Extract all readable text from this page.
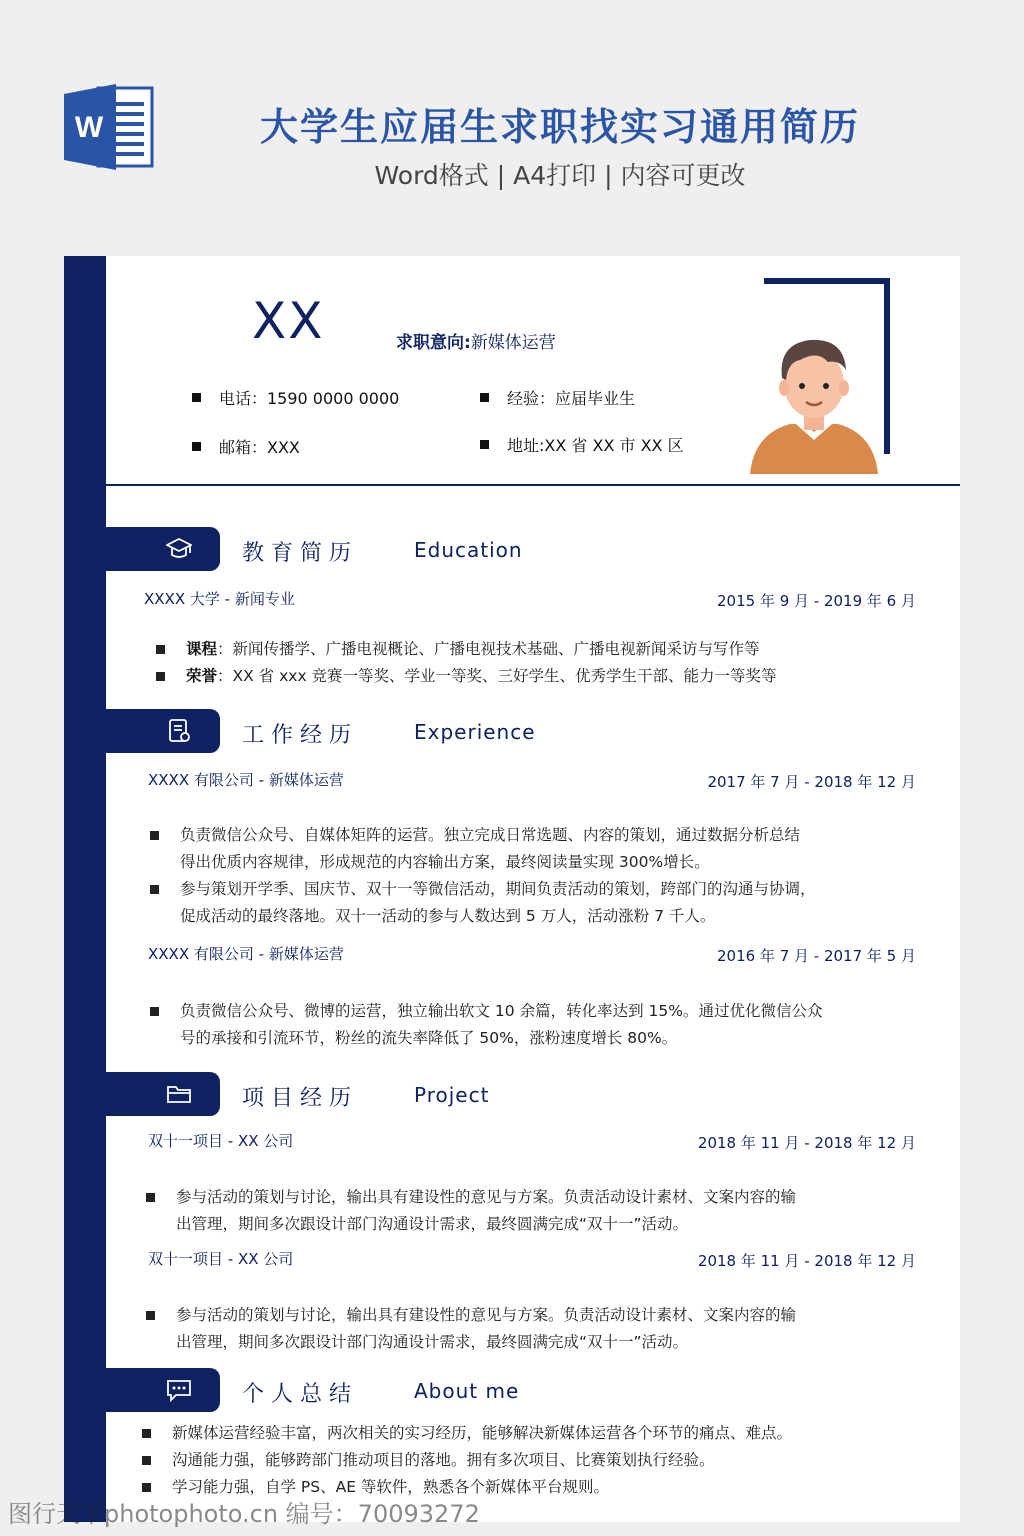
W	大学生应届生求职找实习通用简历
Word格式 | A4打印 | 内容可更改
XX	求职意向:新媒体运营
电话：1590 0000 0000	经验：应届毕业生
邮箱：XXX	地址:XX 省 XX 市 XX 区
教育简历	Education
XXXX 大学 - 新闻专业	2015 年 9 月 - 2019 年 6 月
课程：新闻传播学、广播电视概论、广播电视技术基础、广播电视新闻采访与写作等
荣誉：XX 省 xxx 竞赛一等奖、学业一等奖、三好学生、优秀学生干部、能力一等奖等
工作经历	Experience
XXXX 有限公司 - 新媒体运营	2017 年 7 月 - 2018 年 12 月
负责微信公众号、自媒体矩阵的运营。独立完成日常选题、内容的策划，通过数据分析总结
得出优质内容规律，形成规范的内容输出方案，最终阅读量实现 300%增长。
参与策划开学季、国庆节、双十一等微信活动，期间负责活动的策划，跨部门的沟通与协调，
促成活动的最终落地。双十一活动的参与人数达到 5 万人，活动涨粉 7 千人。
XXXX 有限公司 - 新媒体运营	2016 年 7 月 - 2017 年 5 月
负责微信公众号、微博的运营，独立输出软文 10 余篇，转化率达到 15%。通过优化微信公众
号的承接和引流环节，粉丝的流失率降低了 50%，涨粉速度增长 80%。
项目经历	Project
双十一项目 - XX 公司	2018 年 11 月 - 2018 年 12 月
参与活动的策划与讨论，输出具有建设性的意见与方案。负责活动设计素材、文案内容的输
出管理，期间多次跟设计部门沟通设计需求，最终圆满完成“双十一”活动。
双十一项目 - XX 公司	2018 年 11 月 - 2018 年 12 月
参与活动的策划与讨论，输出具有建设性的意见与方案。负责活动设计素材、文案内容的输
出管理，期间多次跟设计部门沟通设计需求，最终圆满完成“双十一”活动。
个人总结	About me
新媒体运营经验丰富，两次相关的实习经历，能够解决新媒体运营各个环节的痛点、难点。
沟通能力强，能够跨部门推动项目的落地。拥有多次项目、比赛策划执行经验。
学习能力强，自学 PS、AE 等软件，熟悉各个新媒体平台规则。
图行天下photophoto.cn 编号：70093272
